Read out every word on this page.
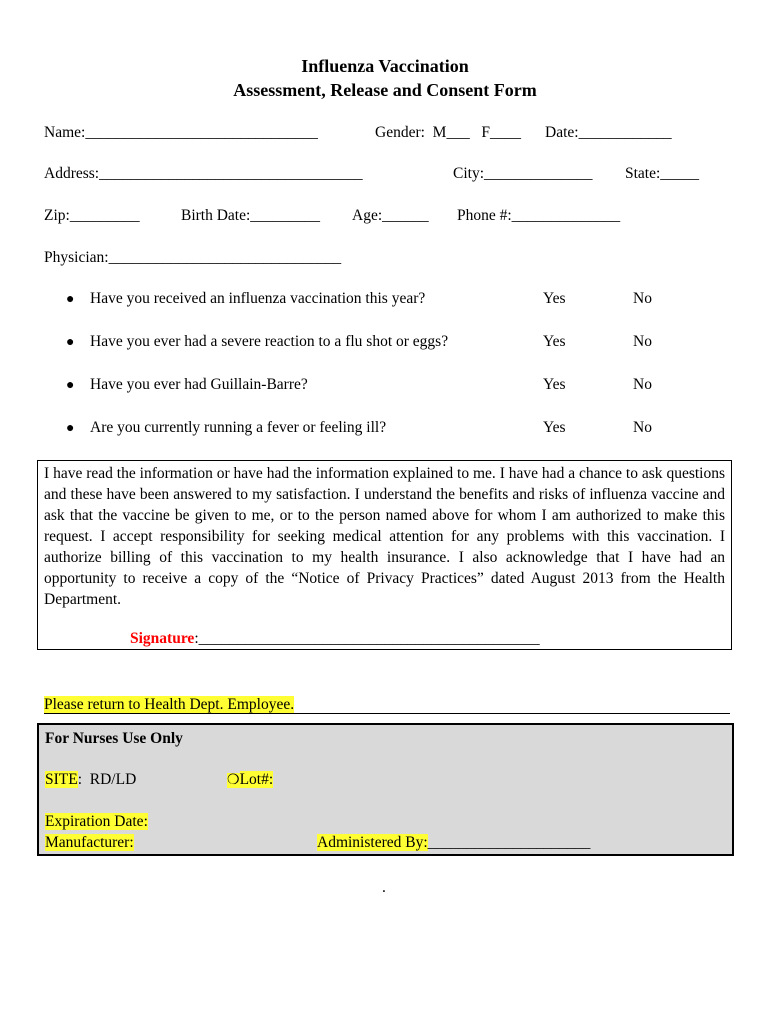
Influenza Vaccination
Assessment, Release and Consent Form
Name:______________________________	Gender:  M___   F____ Date:____________
Address:__________________________________	City:______________ State:_____
Zip:_________	Birth Date:_________ Age:______ Phone #:______________
Physician:______________________________
● Have you received an influenza vaccination this year?	Yes	No
● Have you ever had a severe reaction to a flu shot or eggs?	Yes	No
● Have you ever had Guillain-Barre?	Yes	No
● Are you currently running a fever or feeling ill?	Yes	No
I have read the information or have had the information explained to me. I have had a chance to ask questions and these have been answered to my satisfaction. I understand the benefits and risks of influenza vaccine and ask that the vaccine be given to me, or to the person named above for whom I am authorized to make this request. I accept responsibility for seeking medical attention for any problems with this vaccination. I authorize billing of this vaccination to my health insurance. I also acknowledge that I have had an opportunity to receive a copy of the “Notice of Privacy Practices” dated August 2013 from the Health Department.
Signature:____________________________________________
Please return to Health Dept. Employee.
For Nurses Use Only
SITE:  RD/LD	❍Lot#:
Expiration Date:
Manufacturer:	Administered By:_____________________
.
